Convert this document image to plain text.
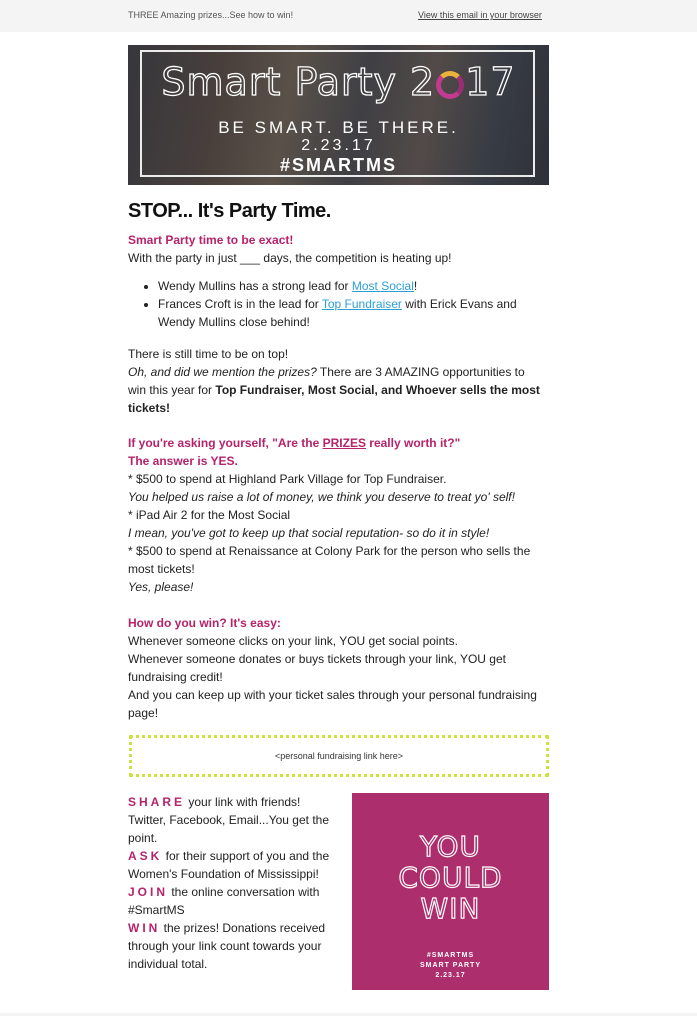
THREE Amazing prizes...See how to win!	View this email in your browser
Smart Party 2 17
BE SMART. BE THERE.
2.23.17
#SMARTMS
STOP... It's Party Time.
Smart Party time to be exact!
With the party in just ___ days, the competition is heating up!
• Wendy Mullins has a strong lead for Most Social!
• Frances Croft is in the lead for Top Fundraiser with Erick Evans and Wendy Mullins close behind!
There is still time to be on top!
Oh, and did we mention the prizes? There are 3 AMAZING opportunities to win this year for Top Fundraiser, Most Social, and Whoever sells the most tickets!
If you're asking yourself, "Are the PRIZES really worth it?"
The answer is YES.
* $500 to spend at Highland Park Village for Top Fundraiser.
You helped us raise a lot of money, we think you deserve to treat yo' self!
* iPad Air 2 for the Most Social
I mean, you've got to keep up that social reputation- so do it in style!
* $500 to spend at Renaissance at Colony Park for the person who sells the most tickets!
Yes, please!
How do you win? It's easy:
Whenever someone clicks on your link, YOU get social points.
Whenever someone donates or buys tickets through your link, YOU get fundraising credit!
And you can keep up with your ticket sales through your personal fundraising page!
<personal fundraising link here>
SHARE your link with friends! Twitter, Facebook, Email...You get the point.
ASK for their support of you and the Women's Foundation of Mississippi!
JOIN the online conversation with #SmartMS
WIN the prizes! Donations received through your link count towards your individual total.
YOU
COULD
WIN
#SMARTMS
SMART PARTY
2.23.17
